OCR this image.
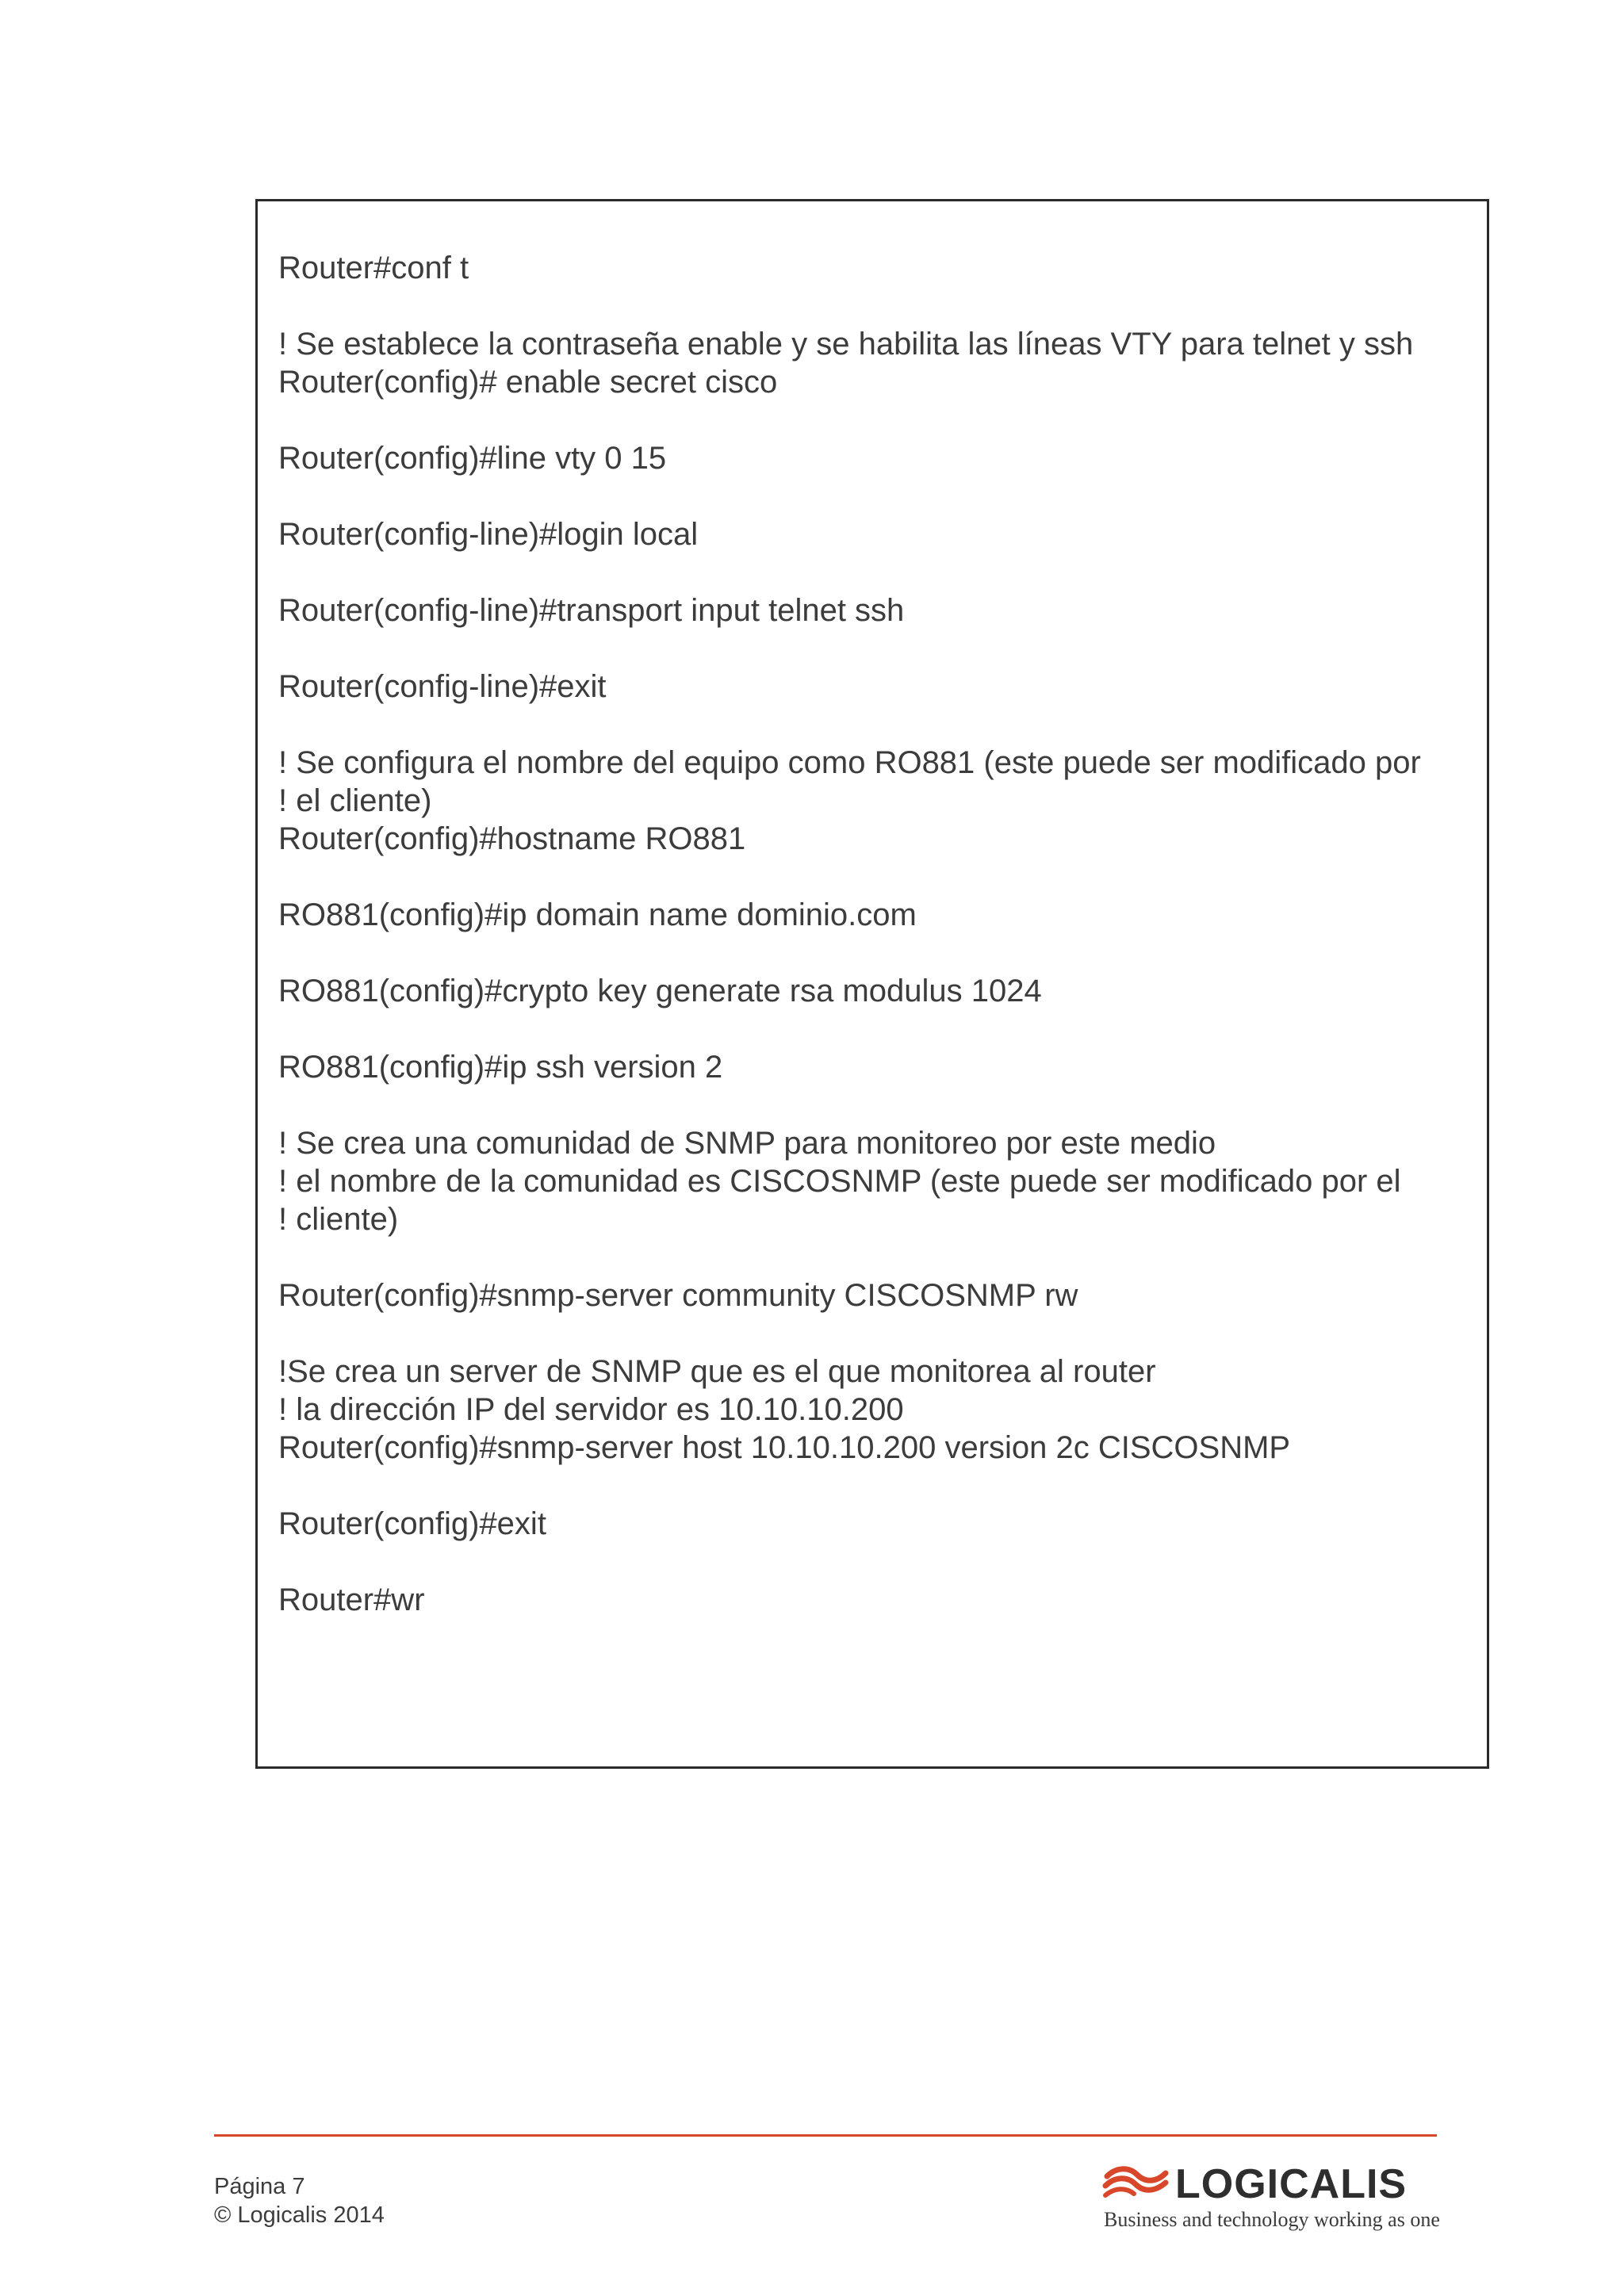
Router#conf t
! Se establece la contraseña enable y se habilita las líneas VTY para telnet y ssh
Router(config)# enable secret cisco
Router(config)#line vty 0 15
Router(config-line)#login local
Router(config-line)#transport input telnet ssh
Router(config-line)#exit
! Se configura el nombre del equipo como RO881 (este puede ser modificado por
! el cliente)
Router(config)#hostname RO881
RO881(config)#ip domain name dominio.com
RO881(config)#crypto key generate rsa modulus 1024
RO881(config)#ip ssh version 2
! Se crea una comunidad de SNMP para monitoreo por este medio
! el nombre de la comunidad es CISCOSNMP (este puede ser modificado por el
! cliente)
Router(config)#snmp-server community CISCOSNMP rw
!Se crea un server de SNMP que es el que monitorea al router
! la dirección IP del servidor es 10.10.10.200
Router(config)#snmp-server host 10.10.10.200 version 2c CISCOSNMP
Router(config)#exit
Router#wr
Página 7
© Logicalis 2014
LOGICALIS
Business and technology working as one
